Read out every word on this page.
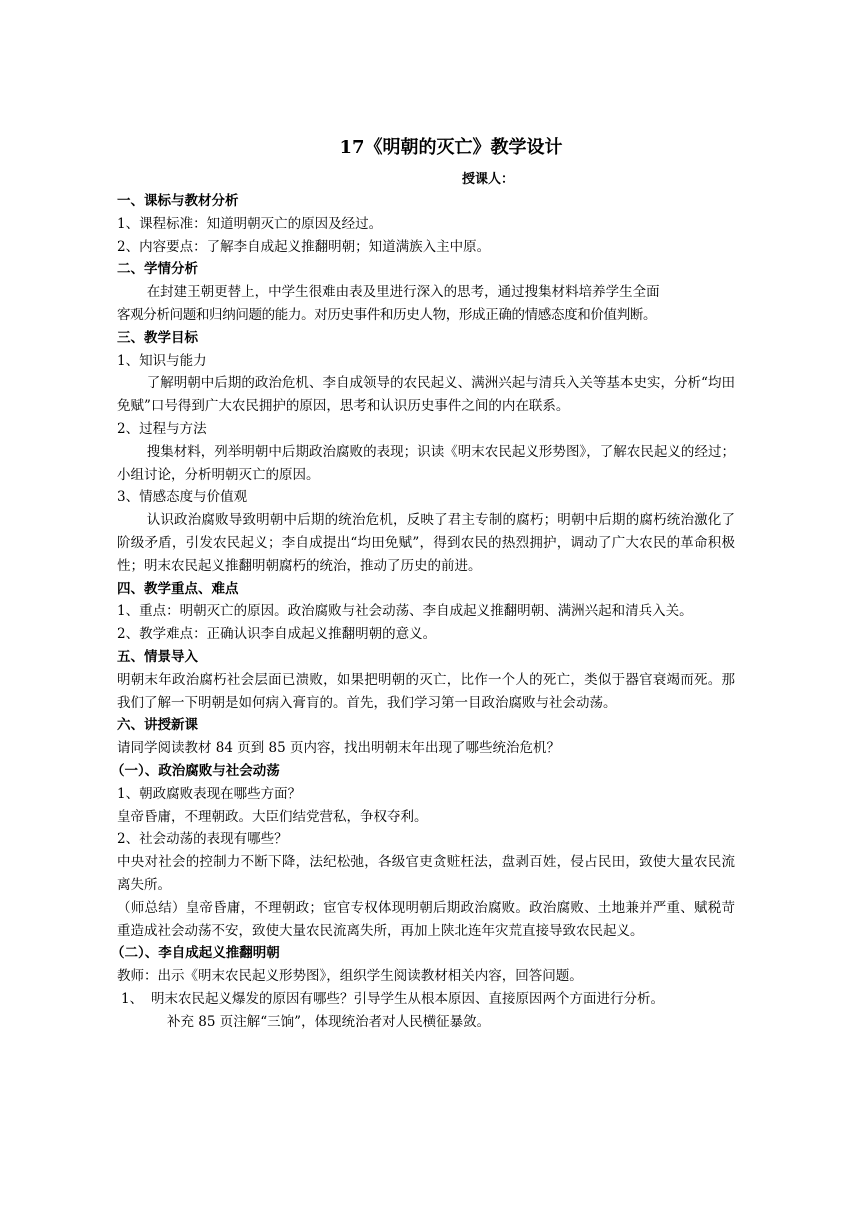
17《明朝的灭亡》教学设计

授课人：

一、课标与教材分析

1、课程标准：知道明朝灭亡的原因及经过。

2、内容要点：了解李自成起义推翻明朝；知道满族入主中原。

二、学情分析

在封建王朝更替上，中学生很难由表及里进行深入的思考，通过搜集材料培养学生全面

客观分析问题和归纳问题的能力。对历史事件和历史人物，形成正确的情感态度和价值判断。

三、教学目标

1、知识与能力

了解明朝中后期的政治危机、李自成领导的农民起义、满洲兴起与清兵入关等基本史实，分析“均田免赋”口号得到广大农民拥护的原因，思考和认识历史事件之间的内在联系。

2、过程与方法

搜集材料，列举明朝中后期政治腐败的表现；识读《明末农民起义形势图》，了解农民起义的经过；小组讨论，分析明朝灭亡的原因。

3、情感态度与价值观

认识政治腐败导致明朝中后期的统治危机，反映了君主专制的腐朽；明朝中后期的腐朽统治激化了阶级矛盾，引发农民起义；李自成提出“均田免赋”，得到农民的热烈拥护，调动了广大农民的革命积极性；明末农民起义推翻明朝腐朽的统治，推动了历史的前进。

四、教学重点、难点

1、重点：明朝灭亡的原因。政治腐败与社会动荡、李自成起义推翻明朝、满洲兴起和清兵入关。

2、教学难点：正确认识李自成起义推翻明朝的意义。

五、情景导入

明朝末年政治腐朽社会层面已溃败，如果把明朝的灭亡，比作一个人的死亡，类似于器官衰竭而死。那我们了解一下明朝是如何病入膏肓的。首先，我们学习第一目政治腐败与社会动荡。

六、讲授新课

请同学阅读教材 84 页到 85 页内容，找出明朝末年出现了哪些统治危机？

（一）、政治腐败与社会动荡

1、朝政腐败表现在哪些方面？

皇帝昏庸，不理朝政。大臣们结党营私，争权夺利。

2、社会动荡的表现有哪些？

中央对社会的控制力不断下降，法纪松弛，各级官吏贪赃枉法，盘剥百姓，侵占民田，致使大量农民流离失所。

（师总结）皇帝昏庸，不理朝政；宦官专权体现明朝后期政治腐败。政治腐败、土地兼并严重、赋税苛重造成社会动荡不安，致使大量农民流离失所，再加上陕北连年灾荒直接导致农民起义。

（二）、李自成起义推翻明朝

教师：出示《明末农民起义形势图》，组织学生阅读教材相关内容，回答问题。

1、 明末农民起义爆发的原因有哪些？引导学生从根本原因、直接原因两个方面进行分析。

补充 85 页注解“三饷”，体现统治者对人民横征暴敛。
